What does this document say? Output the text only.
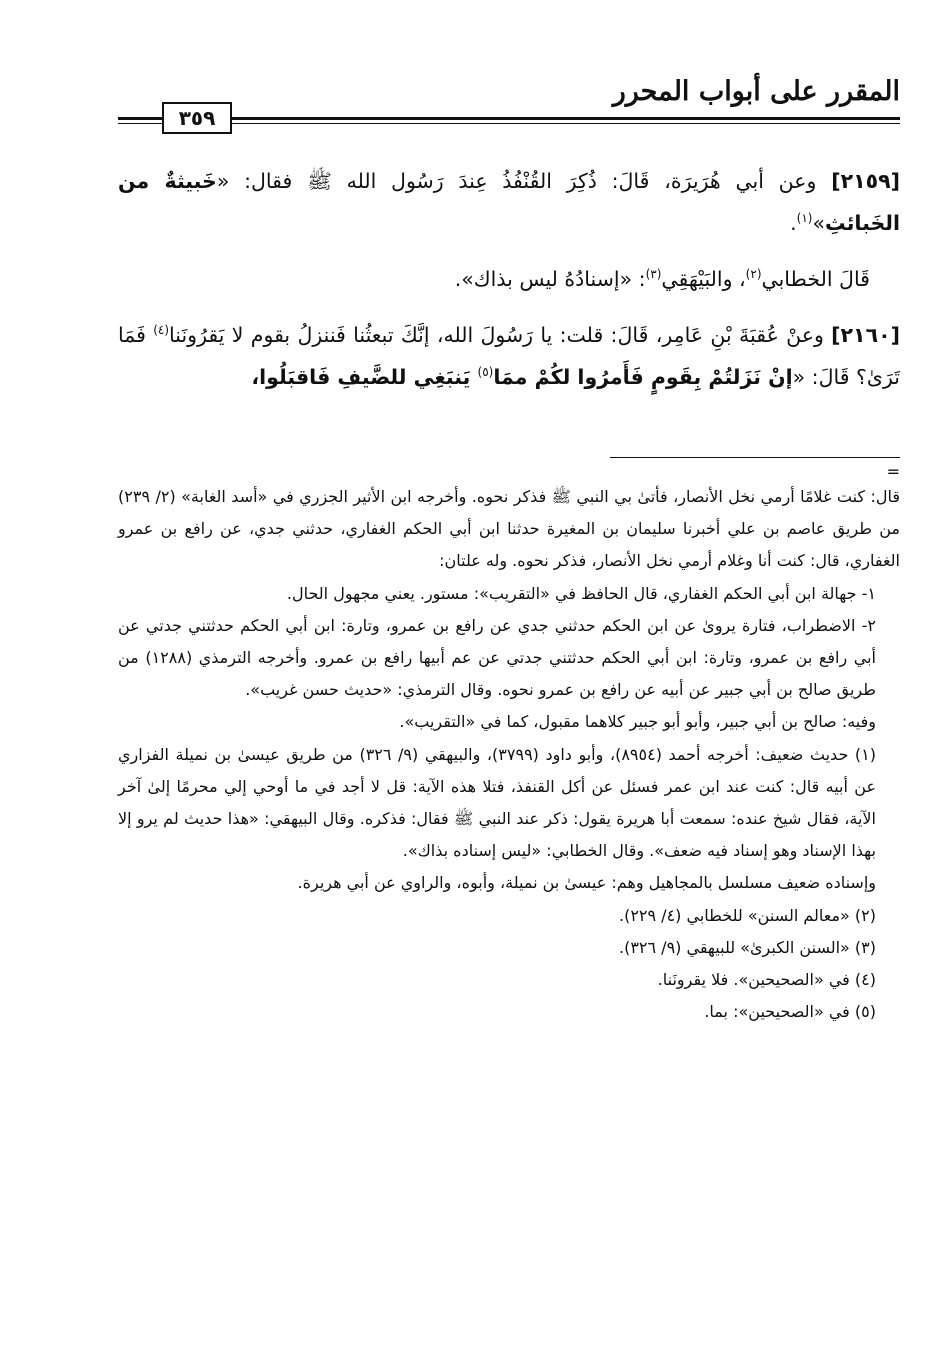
المقرر على أبواب المحرر
٣٥٩

[٢١٥٩] وعن أبي هُرَيرَة، قَالَ: ذُكِرَ القُنْفُذُ عِندَ رَسُول الله ﷺ فقال: «خَبيثةٌ من الخَبائثِ»$^{(١)}$.

قَالَ الخطابي$^{(٢)}$، والبَيْهَقِي$^{(٣)}$: «إسنادُهُ ليس بذاك».

[٢١٦٠] وعنْ عُقبَةَ بْنِ عَامِر، قَالَ: قلت: يا رَسُولَ الله، إنَّكَ تبعثُنا فَننزلُ بقوم لا يَقرُونَنا$^{(٤)}$ فَمَا تَرَىٰ؟ قَالَ: «إنْ نَزَلتُمْ بِقَومٍ فَأَمرُوا لكُمْ ممَا$^{(٥)}$ يَنبَغِي للضَّيفِ فَاقبَلُوا،

=

قال: كنت غلامًا أرمي نخل الأنصار، فأتىٰ بي النبي ﷺ فذكر نحوه. وأخرجه ابن الأثير الجزري في «أسد الغابة» (٢/ ٢٣٩) من طريق عاصم بن علي أخبرنا سليمان بن المغيرة حدثنا ابن أبي الحكم الغفاري، حدثني جدي، عن رافع بن عمرو الغفاري، قال: كنت أنا وغلام أرمي نخل الأنصار، فذكر نحوه. وله علتان:

١- جهالة ابن أبي الحكم الغفاري، قال الحافظ في «التقريب»: مستور. يعني مجهول الحال.

٢- الاضطراب، فتارة يروىٰ عن ابن الحكم حدثني جدي عن رافع بن عمرو، وتارة: ابن أبي الحكم حدثتني جدتي عن أبي رافع بن عمرو، وتارة: ابن أبي الحكم حدثتني جدتي عن عم أبيها رافع بن عمرو. وأخرجه الترمذي (١٢٨٨) من طريق صالح بن أبي جبير عن أبيه عن رافع بن عمرو نحوه. وقال الترمذي: «حديث حسن غريب».

وفيه: صالح بن أبي جبير، وأبو أبو جبير كلاهما مقبول، كما في «التقريب».

(١) حديث ضعيف: أخرجه أحمد (٨٩٥٤)، وأبو داود (٣٧٩٩)، والبيهقي (٩/ ٣٢٦) من طريق عيسىٰ بن نميلة الفزاري عن أبيه قال: كنت عند ابن عمر فسئل عن أكل القنفذ، فتلا هذه الآية: قل لا أجد في ما أوحي إلي محرمًا إلىٰ آخر الآية، فقال شيخ عنده: سمعت أبا هريرة يقول: ذكر عند النبي ﷺ فقال: فذكره. وقال البيهقي: «هذا حديث لم يرو إلا بهذا الإسناد وهو إسناد فيه ضعف». وقال الخطابي: «ليس إسناده بذاك».

وإسناده ضعيف مسلسل بالمجاهيل وهم: عيسىٰ بن نميلة، وأبوه، والراوي عن أبي هريرة.

(٢) «معالم السنن» للخطابي (٤/ ٢٢٩).

(٣) «السنن الكبرىٰ» للبيهقي (٩/ ٣٢٦).

(٤) في «الصحيحين». فلا يقرونَنا.

(٥) في «الصحيحين»: بما.
